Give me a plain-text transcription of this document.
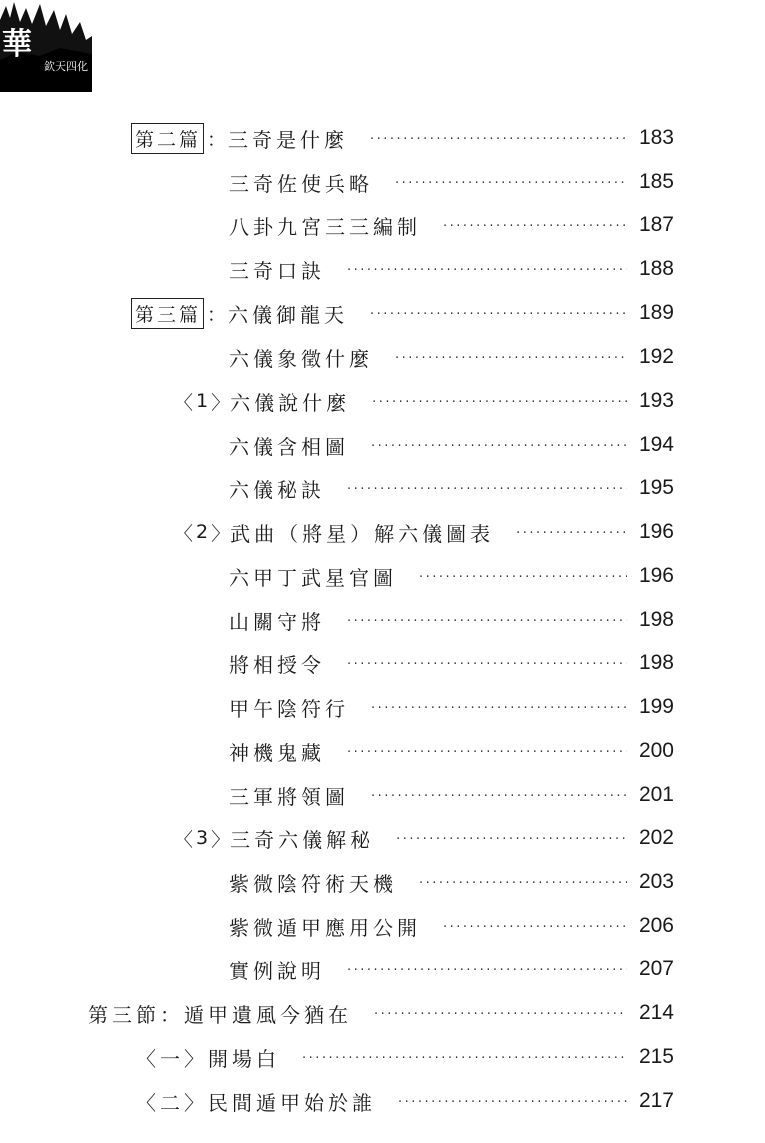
華
欽天四化
第二篇 ： 三奇是什麼 ·····	183
三奇佐使兵略 ·····	185
八卦九宮三三編制 ·····	187
三奇口訣 ·····	188
第三篇 ： 六儀御龍天 ·····	189
六儀象徵什麼 ·····	192
〈 1 〉 六儀說什麼 ·····	193
六儀含相圖 ·····	194
六儀秘訣 ·····	195
〈 2 〉 武曲（將星）解六儀圖表 ·····	196
六甲丁武星官圖 ·····	196
山關守將 ·····	198
將相授令 ·····	198
甲午陰符行 ·····	199
神機鬼藏 ·····	200
三軍將領圖 ·····	201
〈 3 〉 三奇六儀解秘 ·····	202
紫微陰符術天機 ·····	203
紫微遁甲應用公開 ·····	206
實例說明 ·····	207
第三節：遁甲遺風今猶在 ·····	214
〈一〉開場白 ·····	215
〈二〉民間遁甲始於誰 ·····	217
